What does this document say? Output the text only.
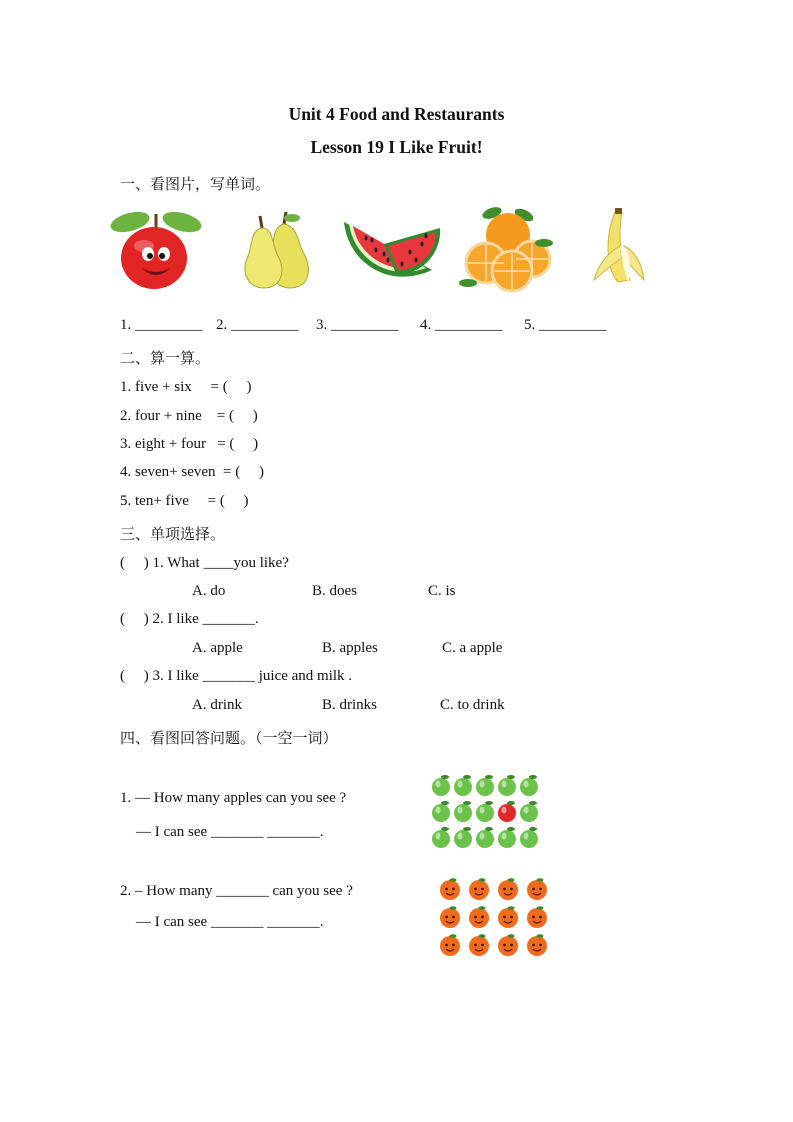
Unit 4 Food and Restaurants
Lesson 19 I Like Fruit!
一、看图片，写单词。
1. _________ 2. _________ 3. _________ 4. _________ 5. _________
二、算一算。
1. five + six     = (     )
2. four + nine    = (     )
3. eight + four   = (     )
4. seven+ seven  = (     )
5. ten+ five     = (     )
三、单项选择。
(     ) 1. What ____you like?
A. do	B. does	C. is
(     ) 2. I like _______.
A. apple	B. apples	C. a apple
(     ) 3. I like _______ juice and milk .
A. drink	B. drinks	C. to drink
四、看图回答问题。（一空一词）
1. — How many apples can you see ?
— I can see _______ _______.
2. – How many _______ can you see ?
— I can see _______ _______.
